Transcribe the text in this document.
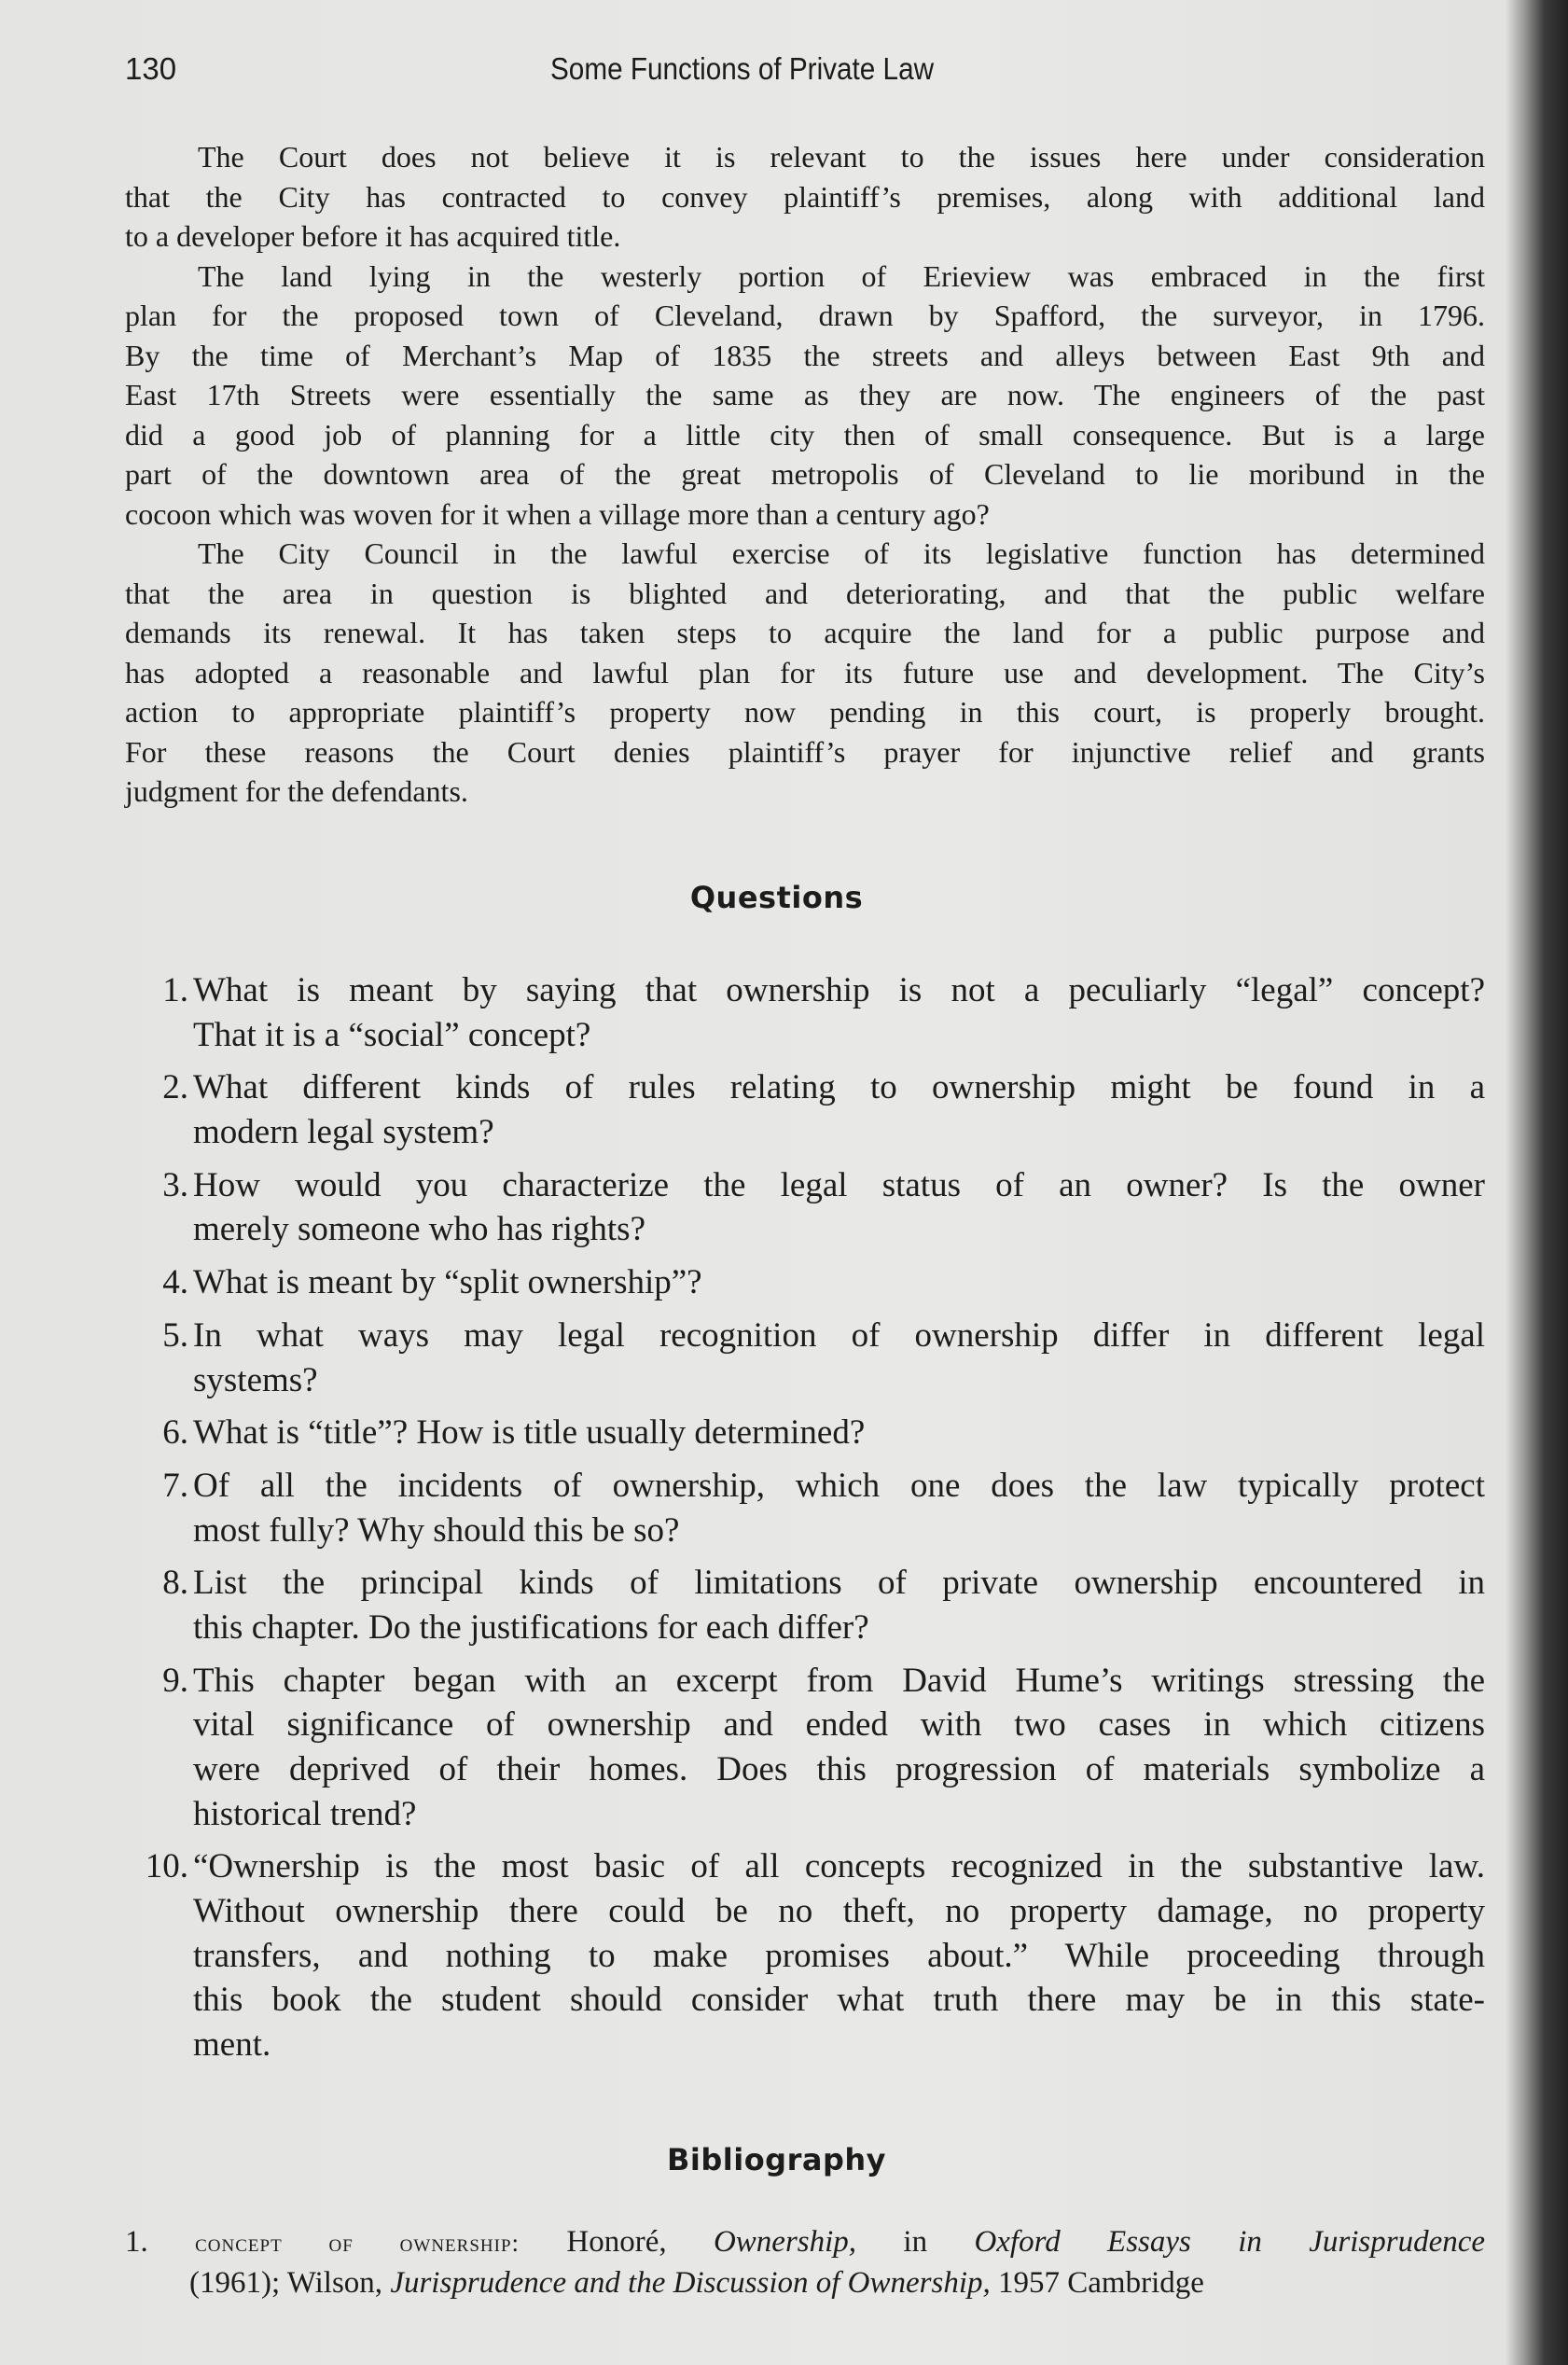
130	Some Functions of Private Law
The Court does not believe it is relevant to the issues here under consideration
that the City has contracted to convey plaintiff’s premises, along with additional land
to a developer before it has acquired title.
The land lying in the westerly portion of Erieview was embraced in the first
plan for the proposed town of Cleveland, drawn by Spafford, the surveyor, in 1796.
By the time of Merchant’s Map of 1835 the streets and alleys between East 9th and
East 17th Streets were essentially the same as they are now. The engineers of the past
did a good job of planning for a little city then of small consequence. But is a large
part of the downtown area of the great metropolis of Cleveland to lie moribund in the
cocoon which was woven for it when a village more than a century ago?
The City Council in the lawful exercise of its legislative function has determined
that the area in question is blighted and deteriorating, and that the public welfare
demands its renewal. It has taken steps to acquire the land for a public purpose and
has adopted a reasonable and lawful plan for its future use and development. The City’s
action to appropriate plaintiff’s property now pending in this court, is properly brought.
For these reasons the Court denies plaintiff’s prayer for injunctive relief and grants
judgment for the defendants.
Questions
1. What is meant by saying that ownership is not a peculiarly “legal” concept?
That it is a “social” concept?
2. What different kinds of rules relating to ownership might be found in a
modern legal system?
3. How would you characterize the legal status of an owner? Is the owner
merely someone who has rights?
4. What is meant by “split ownership”?
5. In what ways may legal recognition of ownership differ in different legal
systems?
6. What is “title”? How is title usually determined?
7. Of all the incidents of ownership, which one does the law typically protect
most fully? Why should this be so?
8. List the principal kinds of limitations of private ownership encountered in
this chapter. Do the justifications for each differ?
9. This chapter began with an excerpt from David Hume’s writings stressing the
vital significance of ownership and ended with two cases in which citizens
were deprived of their homes. Does this progression of materials symbolize a
historical trend?
10. “Ownership is the most basic of all concepts recognized in the substantive law.
Without ownership there could be no theft, no property damage, no property
transfers, and nothing to make promises about.” While proceeding through
this book the student should consider what truth there may be in this state-
ment.
Bibliography
1. concept of ownership: Honoré, Ownership, in Oxford Essays in Jurisprudence
(1961); Wilson, Jurisprudence and the Discussion of Ownership, 1957 Cambridge
